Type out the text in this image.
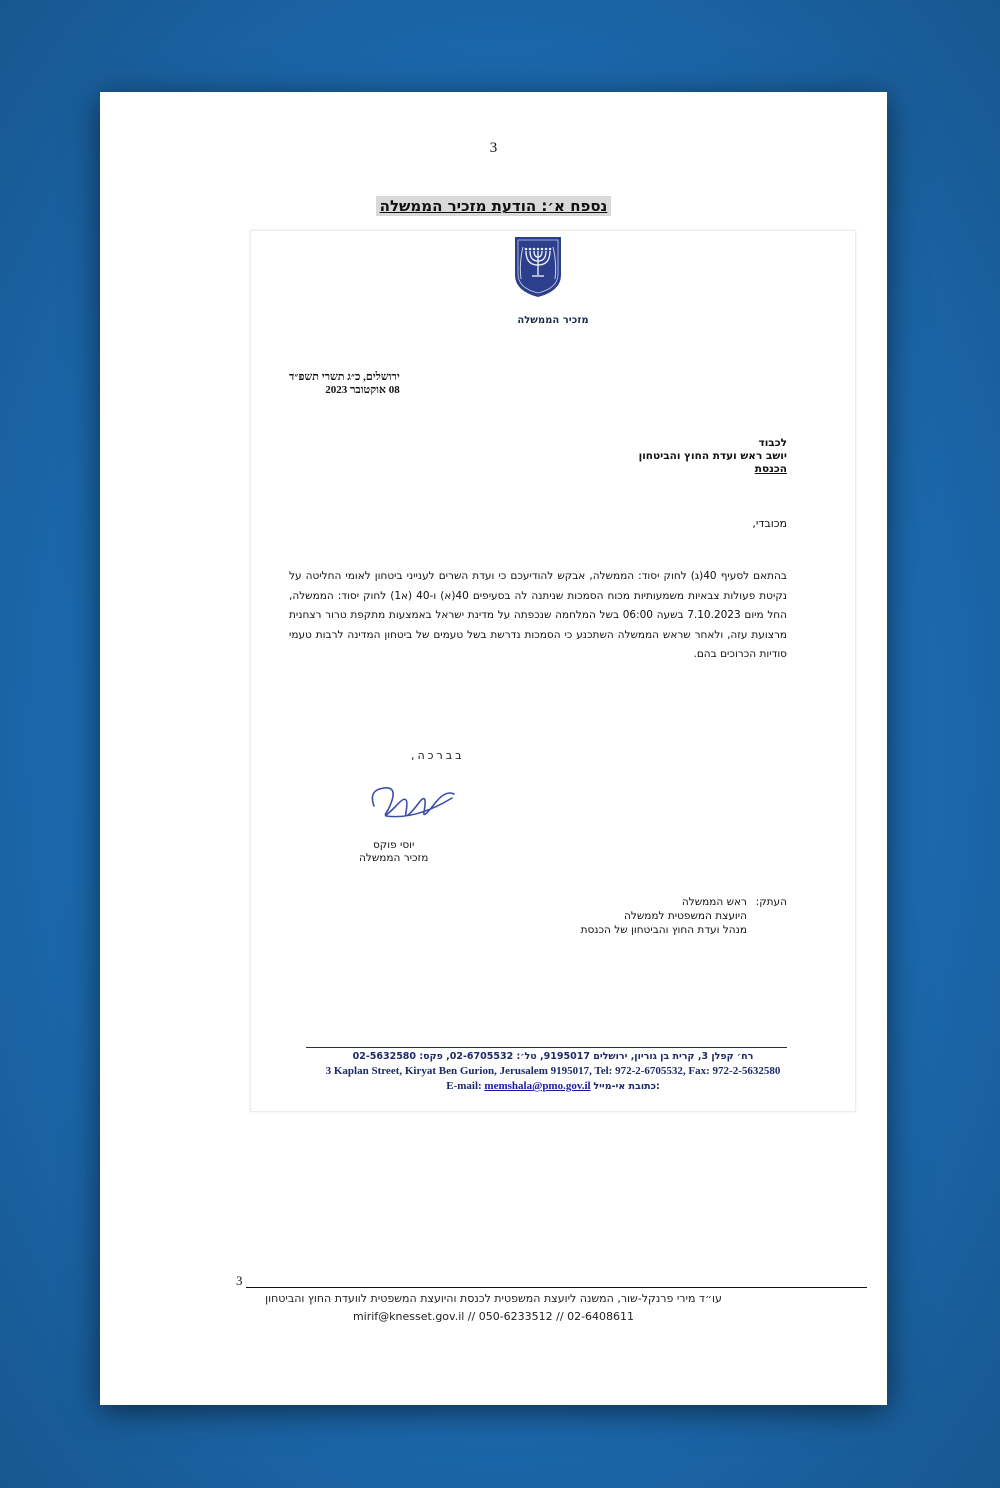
3
נספח א׳: הודעת מזכיר הממשלה
מזכיר הממשלה
ירושלים, כ״ג תשרי תשפ״ד
08 אוקטובר 2023
לכבוד
יושב ראש ועדת החוץ והביטחון
הכנסת
מכובדי,
בהתאם לסעיף 40(ג) לחוק יסוד: הממשלה, אבקש להודיעכם כי ועדת השרים לענייני ביטחון לאומי החליטה על נקיטת פעולות צבאיות משמעותיות מכוח הסמכות שניתנה לה בסעיפים 40(א) ו-40 (א1) לחוק יסוד: הממשלה, החל מיום 7.10.2023 בשעה 06:00 בשל המלחמה שנכפתה על מדינת ישראל באמצעות מתקפת טרור רצחנית מרצועת עזה, ולאחר שראש הממשלה השתכנע כי הסמכות נדרשת בשל טעמים של ביטחון המדינה לרבות טעמי סודיות הכרוכים בהם.
בברכה,
יוסי פוקס
מזכיר הממשלה
העתק:ראש הממשלה
היועצת המשפטית לממשלה
מנהל ועדת החוץ והביטחון של הכנסת
רח׳ קפלן 3, קרית בן גוריון, ירושלים 9195017, טל׳: 02-6705532, פקס: 02-5632580
3 Kaplan Street, Kiryat Ben Gurion, Jerusalem 9195017, Tel: 972-2-6705532, Fax: 972-2-5632580
E-mail: memshala@pmo.gov.il כתובת אי-מייל:
3
עו״ד מירי פרנקל-שור, המשנה ליועצת המשפטית לכנסת והיועצת המשפטית לוועדת החוץ והביטחון
mirif@knesset.gov.il // 050-6233512 // 02-6408611
